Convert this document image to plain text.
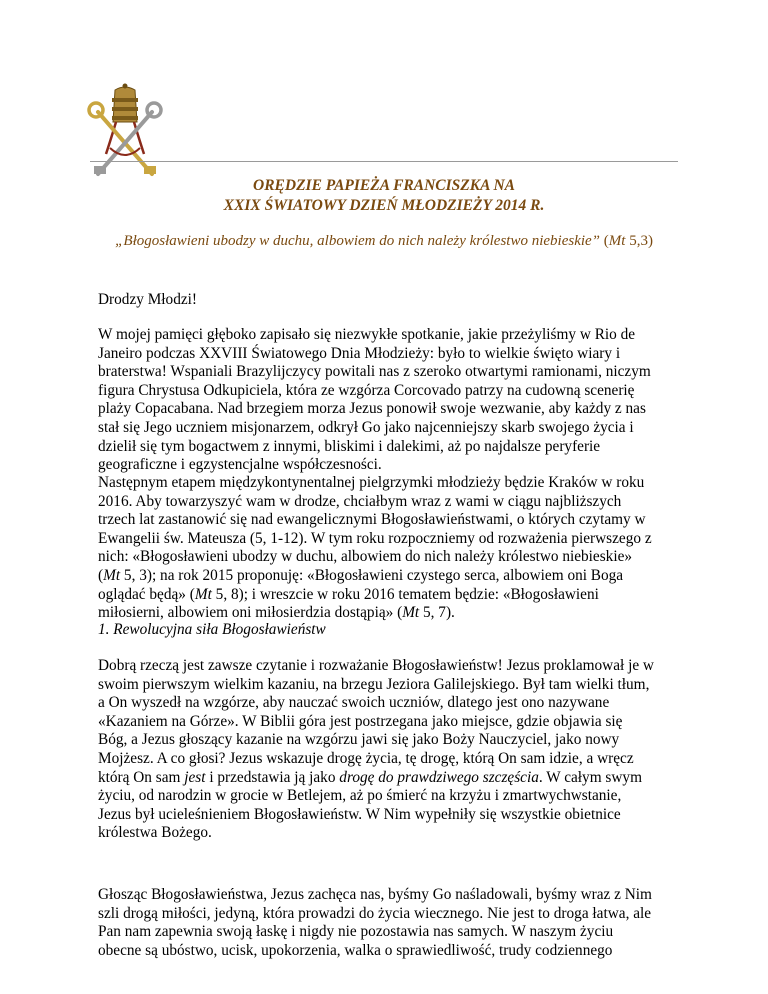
ORĘDZIE PAPIEŻA FRANCISZKA NA
XXIX ŚWIATOWY DZIEŃ MŁODZIEŻY 2014 R.
„Błogosławieni ubodzy w duchu, albowiem do nich należy królestwo niebieskie” (Mt 5,3)

Drodzy Młodzi!

W mojej pamięci głęboko zapisało się niezwykłe spotkanie, jakie przeżyliśmy w Rio de
Janeiro podczas XXVIII Światowego Dnia Młodzieży: było to wielkie święto wiary i
braterstwa! Wspaniali Brazylijczycy powitali nas z szeroko otwartymi ramionami, niczym
figura Chrystusa Odkupiciela, która ze wzgórza Corcovado patrzy na cudowną scenerię
plaży Copacabana. Nad brzegiem morza Jezus ponowił swoje wezwanie, aby każdy z nas
stał się Jego uczniem misjonarzem, odkrył Go jako najcenniejszy skarb swojego życia i
dzielił się tym bogactwem z innymi, bliskimi i dalekimi, aż po najdalsze peryferie
geograficzne i egzystencjalne współczesności.
Następnym etapem międzykontynentalnej pielgrzymki młodzieży będzie Kraków w roku
2016. Aby towarzyszyć wam w drodze, chciałbym wraz z wami w ciągu najbliższych
trzech lat zastanowić się nad ewangelicznymi Błogosławieństwami, o których czytamy w
Ewangelii św. Mateusza (5, 1-12). W tym roku rozpoczniemy od rozważenia pierwszego z
nich: «Błogosławieni ubodzy w duchu, albowiem do nich należy królestwo niebieskie»
(Mt 5, 3); na rok 2015 proponuję: «Błogosławieni czystego serca, albowiem oni Boga
oglądać będą» (Mt 5, 8); i wreszcie w roku 2016 tematem będzie: «Błogosławieni
miłosierni, albowiem oni miłosierdzia dostąpią» (Mt 5, 7).

1. Rewolucyjna siła Błogosławieństw

Dobrą rzeczą jest zawsze czytanie i rozważanie Błogosławieństw! Jezus proklamował je w
swoim pierwszym wielkim kazaniu, na brzegu Jeziora Galilejskiego. Był tam wielki tłum,
a On wyszedł na wzgórze, aby nauczać swoich uczniów, dlatego jest ono nazywane
«Kazaniem na Górze». W Biblii góra jest postrzegana jako miejsce, gdzie objawia się
Bóg, a Jezus głoszący kazanie na wzgórzu jawi się jako Boży Nauczyciel, jako nowy
Mojżesz. A co głosi? Jezus wskazuje drogę życia, tę drogę, którą On sam idzie, a wręcz
którą On sam jest i przedstawia ją jako drogę do prawdziwego szczęścia. W całym swym
życiu, od narodzin w grocie w Betlejem, aż po śmierć na krzyżu i zmartwychwstanie,
Jezus był ucieleśnieniem Błogosławieństw. W Nim wypełniły się wszystkie obietnice
królestwa Bożego.
Głosząc Błogosławieństwa, Jezus zachęca nas, byśmy Go naśladowali, byśmy wraz z Nim
szli drogą miłości, jedyną, która prowadzi do życia wiecznego. Nie jest to droga łatwa, ale
Pan nam zapewnia swoją łaskę i nigdy nie pozostawia nas samych. W naszym życiu
obecne są ubóstwo, ucisk, upokorzenia, walka o sprawiedliwość, trudy codziennego
